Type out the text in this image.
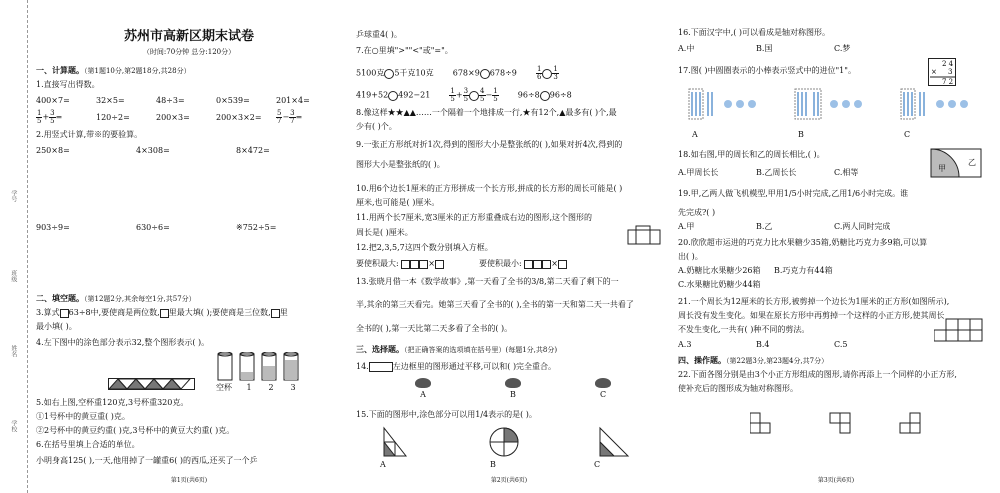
学号
班级
姓名
学校
苏州市高新区期末试卷
（时间:70分钟 总分:120分）
一、计算题。（第1题10分,第2题18分,共28分）
1.直接写出得数。
400×7=	32×5=	48÷3=	0×539=	201×4=
$\frac{1}{5} + \frac{3}{5}$ =	120÷2=	200×3=	$200\times 3\times 2= \frac{5}{7} - \frac{3}{7}$ =
2.用竖式计算,带※的要验算。
250×8=	4×308=	8×472=
903÷9=	630÷6=	※752÷5=
二、填空题。（第12题2分,其余每空1分,共57分）
3.算式 63÷8中,要使商是两位数, 里最大填( );要使商是三位数, 里
最小填( )。
4.左下图中的涂色部分表示32,整个图形表示( )。
空杯 1 2 3
5.如右上图,空杯重120克,3号杯重320克。
①1号杯中的黄豆重( )克。
②2号杯中的黄豆约重( )克,3号杯中的黄豆大约重( )克。
6.在括号里填上合适的单位。
小明身高125( ),一天,他用掉了一罐重6( )的西瓜,还买了一个乒
第1页(共6页)
乒球重4( )。
7.在○里填">""<"或"="。
5100克 5千克10克 678×9 678÷9	$\frac{1}{6} \frac{1}{3}$
419+52 492−21	$\frac{1}{5} + \frac{3}{5} \frac{4}{5} - \frac{1}{5} 96\div 8$ 96÷8
8.像这样★★▲▲……一个隔着一个地排成一行,★有12个,▲最多有( )个,最
少有( )个。
9.一张正方形纸对折1次,得到的图形大小是整张纸的( ),如果对折4次,得到的
图形大小是整张纸的( )。
10.用6个边长1厘米的正方形拼成一个长方形,拼成的长方形的周长可能是( )
厘米,也可能是( )厘米。
11.用两个长7厘米,宽3厘米的正方形重叠成右边的图形,这个图形的
周长是( )厘米。
12.把2,3,5,7这四个数分别填入方框。
要使积最大:	×	要使积最小:	×
13.张晓月借一本《数学故事》,第一天看了全书的3/8,第二天看了剩下的一
半,其余的第三天看完。她第三天看了全书的( ),全书的第一天和第二天一共看了
全书的( ),第一天比第二天多看了全书的( )。
三、选择题。（把正确答案的选项填在括号里）(每题1分,共8分)
14.	左边框里的图形通过平移,可以和( )完全重合。

A	B	C
15.下面的图形中,涂色部分可以用1/4表示的是( )。
A	B	C
第2页(共6页)
16.下面汉字中,( )可以看成是轴对称图形。
A.中	B.国	C.梦
17.图( )中圆圈表示的小棒表示竖式中的进位"1"。
2 4
× 3
7 2
A	B	C
18.如右图,甲的周长和乙的周长相比,( )。
A.甲周长长	B.乙周长长	C.相等	甲
乙
19.甲,乙两人做飞机模型,甲用1/5小时完成,乙用1/6小时完成。谁
先完成?( )
A.甲	B.乙	C.两人同时完成
20.欣欣超市运进的巧克力比水果糖少35箱,奶糖比巧克力多9箱,可以算
出( )。
A.奶糖比水果糖少26箱 B.巧克力有44箱
C.水果糖比奶糖少44箱
21.一个周长为12厘米的长方形,被剪掉一个边长为1厘米的正方形(如图所示),
周长没有发生变化。如果在原长方形中再剪掉一个这样的小正方形,使其周长
不发生变化,一共有( )种不同的剪法。
A.3	B.4	C.5
四、操作题。（第22题3分,第23题4分,共7分）
22.下面各图分别是由3个小正方形组成的图形,请你再添上一个同样的小正方形,
使补充后的图形成为轴对称图形。
第3页(共6页)
